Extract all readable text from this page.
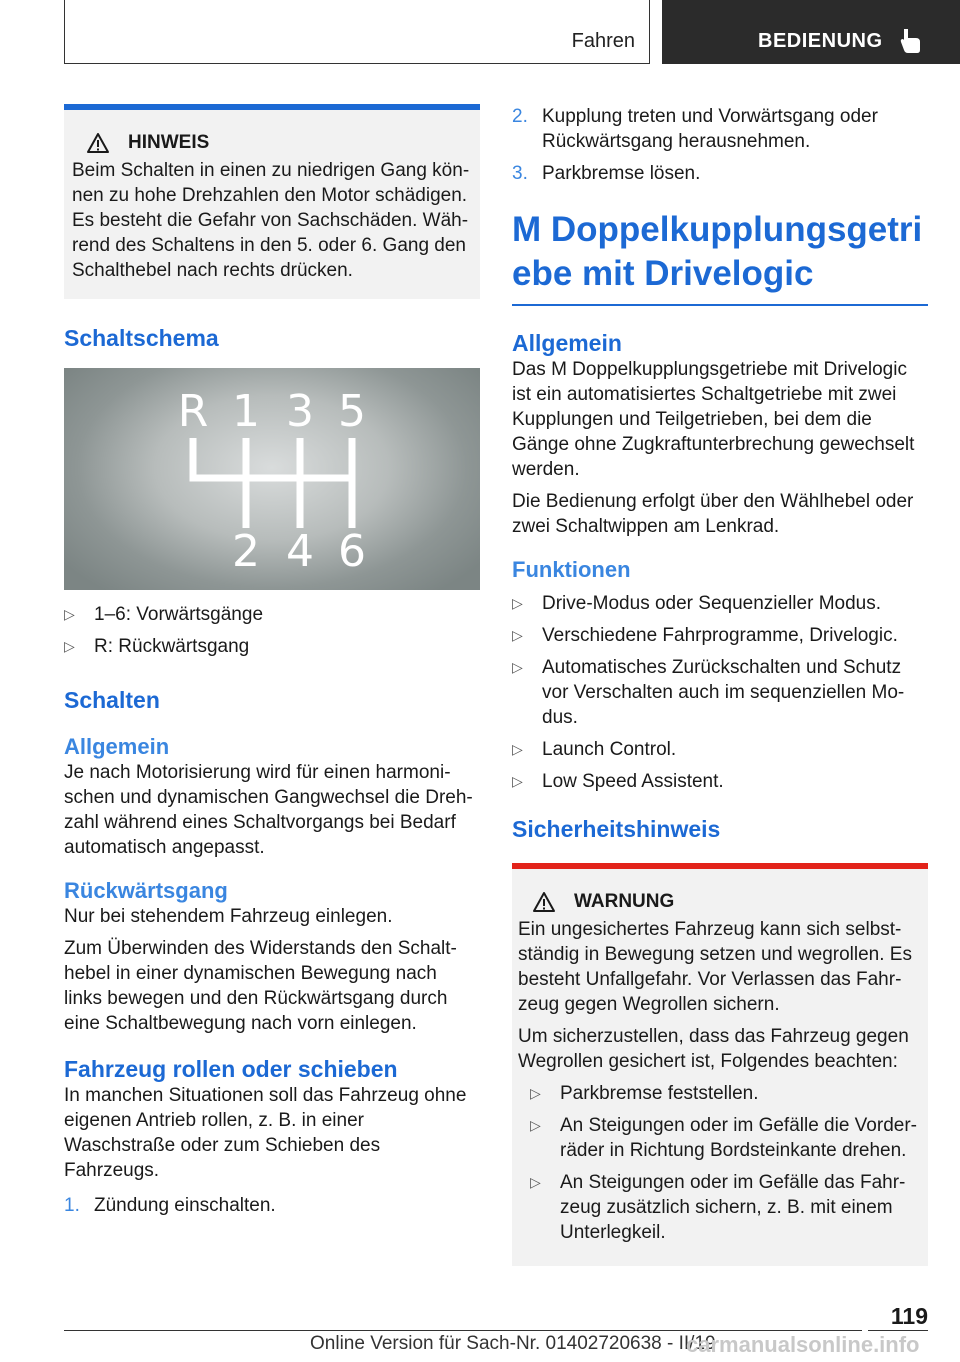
Fahren	BEDIENUNG
HINWEIS

Beim Schalten in einen zu niedrigen Gang können zu hohe Drehzahlen den Motor schädigen. Es besteht die Gefahr von Sachschäden. Während des Schaltens in den 5. oder 6. Gang den Schalthebel nach rechts drücken.

Schaltschema
R 1 3 5
2 4 6
▷ 1–6: Vorwärtsgänge
▷ R: Rückwärtsgang
Schalten
Allgemein

Je nach Motorisierung wird für einen harmonischen und dynamischen Gangwechsel die Drehzahl während eines Schaltvorgangs bei Bedarf automatisch angepasst.

Rückwärtsgang

Nur bei stehendem Fahrzeug einlegen.

Zum Überwinden des Widerstands den Schalthebel in einer dynamischen Bewegung nach links bewegen und den Rückwärtsgang durch eine Schaltbewegung nach vorn einlegen.

Fahrzeug rollen oder schieben

In manchen Situationen soll das Fahrzeug ohne eigenen Antrieb rollen, z. B. in einer Waschstraße oder zum Schieben des Fahrzeugs.

1. Zündung einschalten.
2. Kupplung treten und Vorwärtsgang oder Rückwärtsgang herausnehmen.
3. Parkbremse lösen.
M Doppelkupplungsgetriebe mit Drivelogic
Allgemein

Das M Doppelkupplungsgetriebe mit Drivelogic ist ein automatisiertes Schaltgetriebe mit zwei Kupplungen und Teilgetrieben, bei dem die Gänge ohne Zugkraftunterbrechung gewechselt werden.

Die Bedienung erfolgt über den Wählhebel oder zwei Schaltwippen am Lenkrad.

Funktionen
▷ Drive-Modus oder Sequenzieller Modus.
▷ Verschiedene Fahrprogramme, Drivelogic.
▷ Automatisches Zurückschalten und Schutz vor Verschalten auch im sequenziellen Modus.
▷ Launch Control.
▷ Low Speed Assistent.
Sicherheitshinweis
WARNUNG

Ein ungesichertes Fahrzeug kann sich selbstständig in Bewegung setzen und wegrollen. Es besteht Unfallgefahr. Vor Verlassen das Fahrzeug gegen Wegrollen sichern.

Um sicherzustellen, dass das Fahrzeug gegen Wegrollen gesichert ist, Folgendes beachten:

▷ Parkbremse feststellen.
▷ An Steigungen oder im Gefälle die Vorderräder in Richtung Bordsteinkante drehen.
▷ An Steigungen oder im Gefälle das Fahrzeug zusätzlich sichern, z. B. mit einem Unterlegkeil.
119
Online Version für Sach-Nr. 01402720638 - II/19
carmanualsonline.info
